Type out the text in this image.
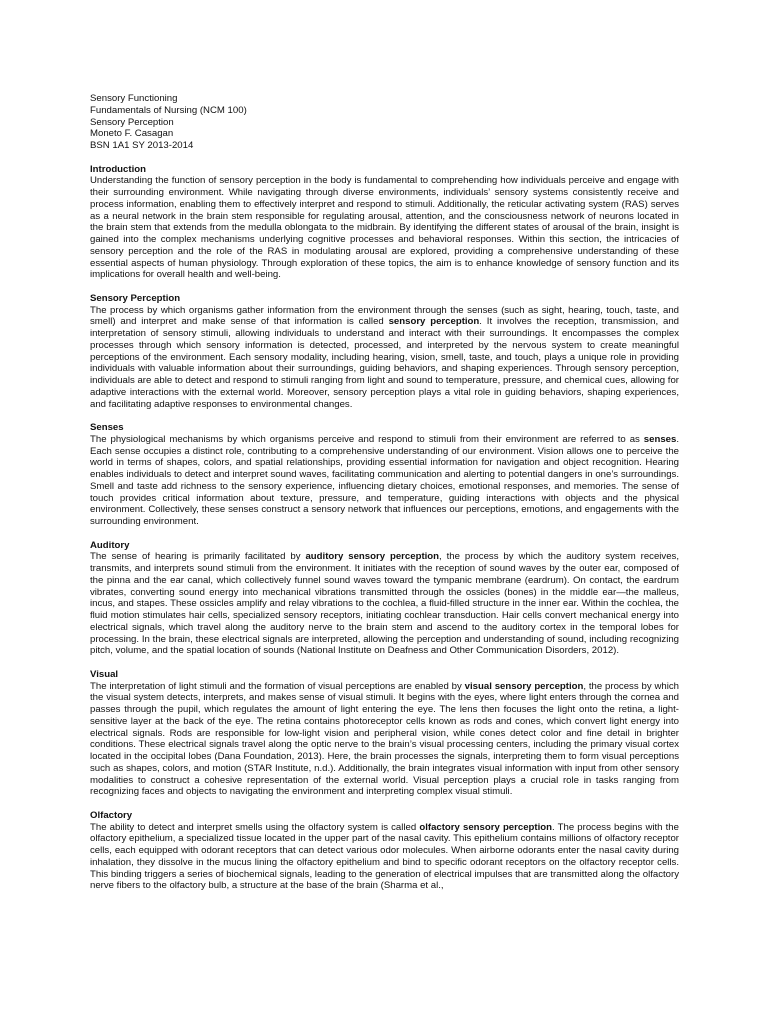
Sensory Functioning
Fundamentals of Nursing (NCM 100)
Sensory Perception
Moneto F. Casagan
BSN 1A1 SY 2013-2014
Introduction

Understanding the function of sensory perception in the body is fundamental to comprehending how individuals perceive and engage with their surrounding environment. While navigating through diverse environments, individuals’ sensory systems consistently receive and process information, enabling them to effectively interpret and respond to stimuli. Additionally, the reticular activating system (RAS) serves as a neural network in the brain stem responsible for regulating arousal, attention, and the consciousness network of neurons located in the brain stem that extends from the medulla oblongata to the midbrain. By identifying the different states of arousal of the brain, insight is gained into the complex mechanisms underlying cognitive processes and behavioral responses. Within this section, the intricacies of sensory perception and the role of the RAS in modulating arousal are explored, providing a comprehensive understanding of these essential aspects of human physiology. Through exploration of these topics, the aim is to enhance knowledge of sensory function and its implications for overall health and well-being.

Sensory Perception

The process by which organisms gather information from the environment through the senses (such as sight, hearing, touch, taste, and smell) and interpret and make sense of that information is called sensory perception. It involves the reception, transmission, and interpretation of sensory stimuli, allowing individuals to understand and interact with their surroundings. It encompasses the complex processes through which sensory information is detected, processed, and interpreted by the nervous system to create meaningful perceptions of the environment. Each sensory modality, including hearing, vision, smell, taste, and touch, plays a unique role in providing individuals with valuable information about their surroundings, guiding behaviors, and shaping experiences. Through sensory perception, individuals are able to detect and respond to stimuli ranging from light and sound to temperature, pressure, and chemical cues, allowing for adaptive interactions with the external world. Moreover, sensory perception plays a vital role in guiding behaviors, shaping experiences, and facilitating adaptive responses to environmental changes.

Senses

The physiological mechanisms by which organisms perceive and respond to stimuli from their environment are referred to as senses. Each sense occupies a distinct role, contributing to a comprehensive understanding of our environment. Vision allows one to perceive the world in terms of shapes, colors, and spatial relationships, providing essential information for navigation and object recognition. Hearing enables individuals to detect and interpret sound waves, facilitating communication and alerting to potential dangers in one’s surroundings. Smell and taste add richness to the sensory experience, influencing dietary choices, emotional responses, and memories. The sense of touch provides critical information about texture, pressure, and temperature, guiding interactions with objects and the physical environment. Collectively, these senses construct a sensory network that influences our perceptions, emotions, and engagements with the surrounding environment.

Auditory

The sense of hearing is primarily facilitated by auditory sensory perception, the process by which the auditory system receives, transmits, and interprets sound stimuli from the environment. It initiates with the reception of sound waves by the outer ear, composed of the pinna and the ear canal, which collectively funnel sound waves toward the tympanic membrane (eardrum). On contact, the eardrum vibrates, converting sound energy into mechanical vibrations transmitted through the ossicles (bones) in the middle ear—the malleus, incus, and stapes. These ossicles amplify and relay vibrations to the cochlea, a fluid-filled structure in the inner ear. Within the cochlea, the fluid motion stimulates hair cells, specialized sensory receptors, initiating cochlear transduction. Hair cells convert mechanical energy into electrical signals, which travel along the auditory nerve to the brain stem and ascend to the auditory cortex in the temporal lobes for processing. In the brain, these electrical signals are interpreted, allowing the perception and understanding of sound, including recognizing pitch, volume, and the spatial location of sounds (National Institute on Deafness and Other Communication Disorders, 2012).

Visual

The interpretation of light stimuli and the formation of visual perceptions are enabled by visual sensory perception, the process by which the visual system detects, interprets, and makes sense of visual stimuli. It begins with the eyes, where light enters through the cornea and passes through the pupil, which regulates the amount of light entering the eye. The lens then focuses the light onto the retina, a light-sensitive layer at the back of the eye. The retina contains photoreceptor cells known as rods and cones, which convert light energy into electrical signals. Rods are responsible for low-light vision and peripheral vision, while cones detect color and fine detail in brighter conditions. These electrical signals travel along the optic nerve to the brain’s visual processing centers, including the primary visual cortex located in the occipital lobes (Dana Foundation, 2013). Here, the brain processes the signals, interpreting them to form visual perceptions such as shapes, colors, and motion (STAR Institute, n.d.). Additionally, the brain integrates visual information with input from other sensory modalities to construct a cohesive representation of the external world. Visual perception plays a crucial role in tasks ranging from recognizing faces and objects to navigating the environment and interpreting complex visual stimuli.

Olfactory

The ability to detect and interpret smells using the olfactory system is called olfactory sensory perception. The process begins with the olfactory epithelium, a specialized tissue located in the upper part of the nasal cavity. This epithelium contains millions of olfactory receptor cells, each equipped with odorant receptors that can detect various odor molecules. When airborne odorants enter the nasal cavity during inhalation, they dissolve in the mucus lining the olfactory epithelium and bind to specific odorant receptors on the olfactory receptor cells. This binding triggers a series of biochemical signals, leading to the generation of electrical impulses that are transmitted along the olfactory nerve fibers to the olfactory bulb, a structure at the base of the brain (Sharma et al.,
